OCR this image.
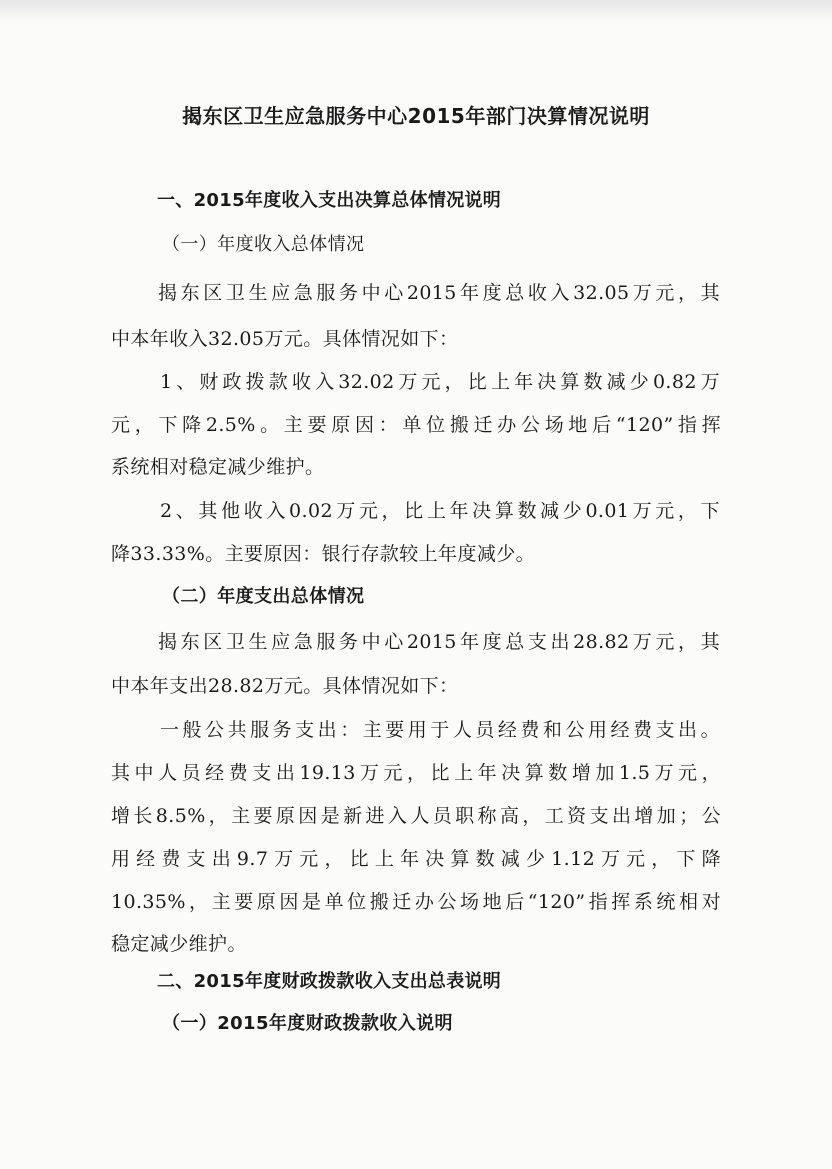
揭东区卫生应急服务中心2015年部门决算情况说明
一、2015年度收入支出决算总体情况说明
（一）年度收入总体情况
揭东区卫生应急服务中心2015年度总收入32.05万元，其
中本年收入32.05万元。具体情况如下：
1、财政拨款收入32.02万元，比上年决算数减少0.82万
元，下降2.5%。主要原因：单位搬迁办公场地后“120”指挥
系统相对稳定减少维护。
2、其他收入0.02万元，比上年决算数减少0.01万元，下
降33.33%。主要原因：银行存款较上年度减少。
（二）年度支出总体情况
揭东区卫生应急服务中心2015年度总支出28.82万元，其
中本年支出28.82万元。具体情况如下：
一般公共服务支出：主要用于人员经费和公用经费支出。
其中人员经费支出19.13万元，比上年决算数增加1.5万元，
增长8.5%，主要原因是新进入人员职称高，工资支出增加；公
用经费支出9.7万元，比上年决算数减少1.12万元，下降
10.35%，主要原因是单位搬迁办公场地后“120”指挥系统相对
稳定减少维护。
二、2015年度财政拨款收入支出总表说明
（一）2015年度财政拨款收入说明
